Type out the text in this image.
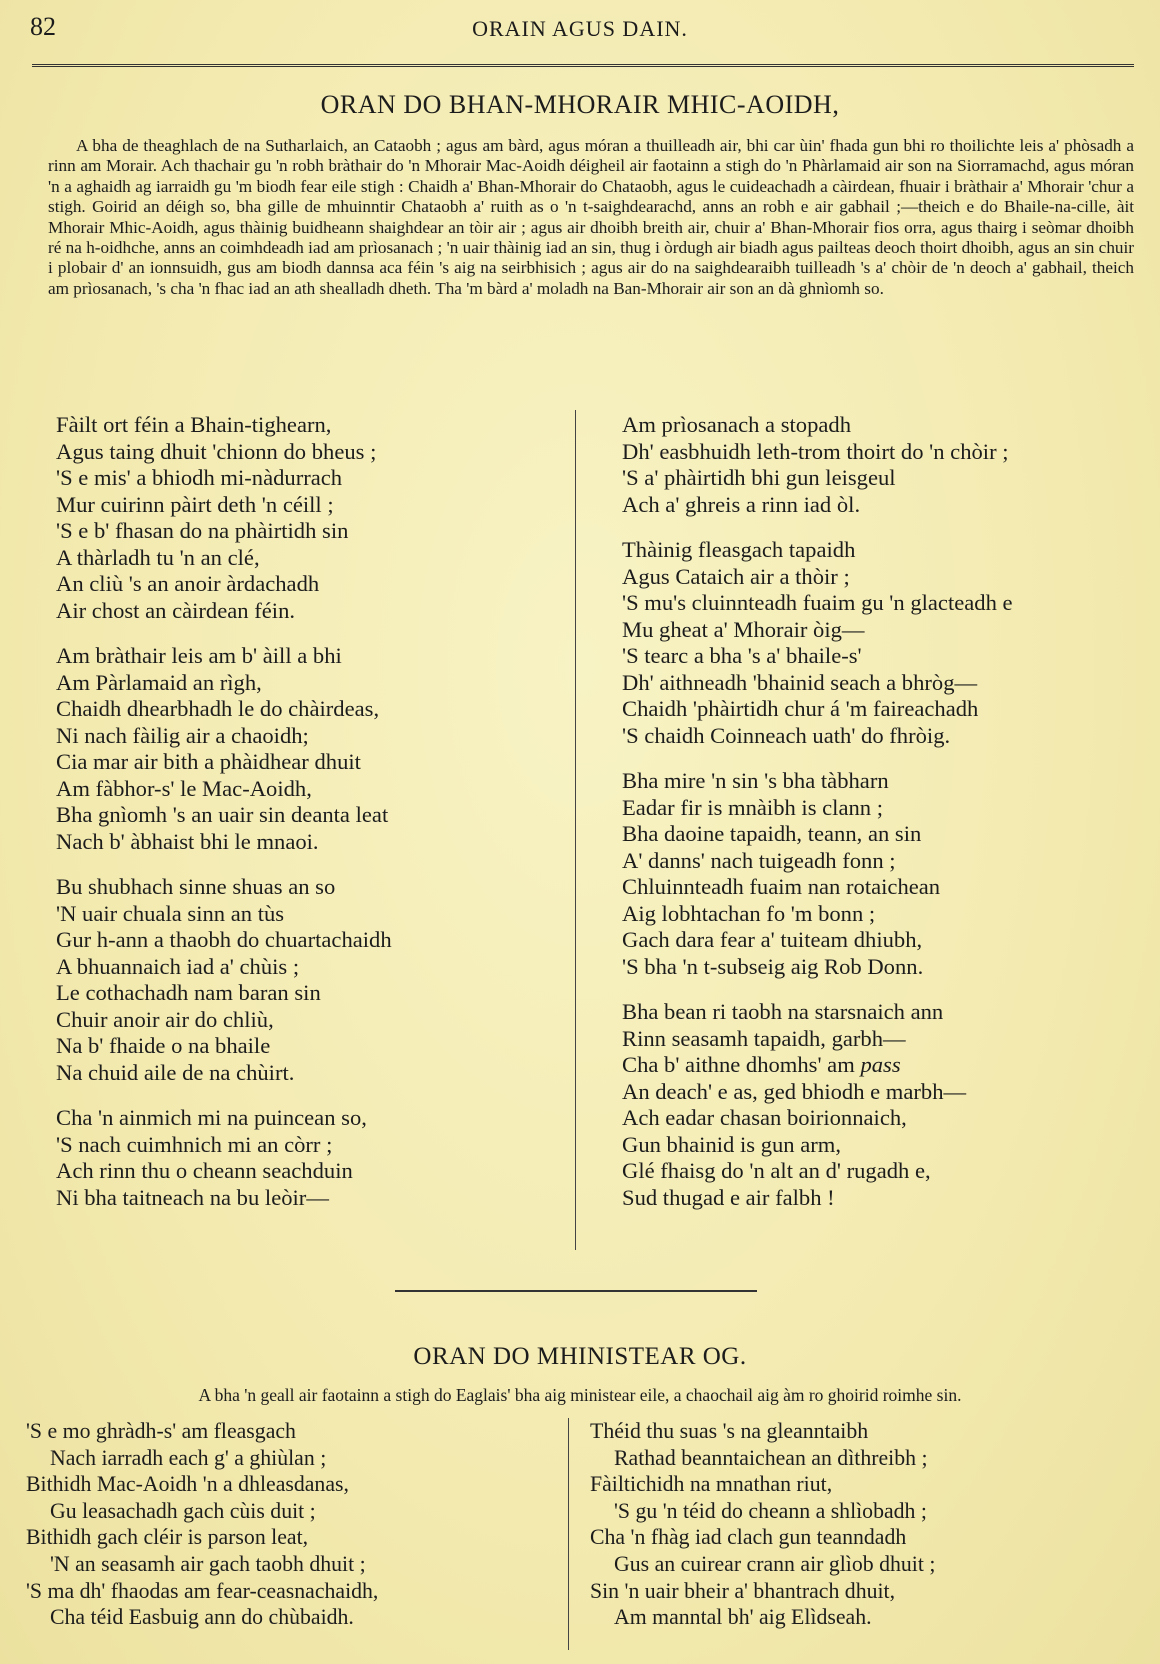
82	ORAIN AGUS DAIN.
ORAN DO BHAN-MHORAIR MHIC-AOIDH,
A bha de theaghlach de na Sutharlaich, an Cataobh ; agus am bàrd, agus móran a thuilleadh air, bhi car ùin' fhada gun bhi ro thoilichte leis a' phòsadh a rinn am Morair. Ach thachair gu 'n robh bràthair do 'n Mhorair Mac-Aoidh déigheil air faotainn a stigh do 'n Phàrlamaid air son na Siorramachd, agus móran 'n a aghaidh ag iarraidh gu 'm biodh fear eile stigh : Chaidh a' Bhan-Mhorair do Chataobh, agus le cuideachadh a càirdean, fhuair i bràthair a' Mhorair 'chur a stigh. Goirid an déigh so, bha gille de mhuinntir Chataobh a' ruith as o 'n t-saighdearachd, anns an robh e air gabhail ;—theich e do Bhaile-na-cille, àit Mhorair Mhic-Aoidh, agus thàinig buidheann shaighdear an tòir air ; agus air dhoibh breith air, chuir a' Bhan-Mhorair fios orra, agus thairg i seòmar dhoibh ré na h-oidhche, anns an coimhdeadh iad am prìosanach ; 'n uair thàinig iad an sin, thug i òrdugh air biadh agus pailteas deoch thoirt dhoibh, agus an sin chuir i plobair d' an ionnsuidh, gus am biodh dannsa aca féin 's aig na seirbhisich ; agus air do na saighdearaibh tuilleadh 's a' chòir de 'n deoch a' gabhail, theich am prìosanach, 's cha 'n fhac iad an ath shealladh dheth. Tha 'm bàrd a' moladh na Ban-Mhorair air son an dà ghnìomh so.
Fàilt ort féin a Bhain-tighearn,
Agus taing dhuit 'chionn do bheus ;
'S e mis' a bhiodh mi-nàdurrach
Mur cuirinn pàirt deth 'n céill ;
'S e b' fhasan do na phàirtidh sin
A thàrladh tu 'n an clé,
An cliù 's an anoir àrdachadh
Air chost an càirdean féin.
Am bràthair leis am b' àill a bhi
Am Pàrlamaid an rìgh,
Chaidh dhearbhadh le do chàirdeas,
Ni nach fàilig air a chaoidh;
Cia mar air bith a phàidhear dhuit
Am fàbhor-s' le Mac-Aoidh,
Bha gnìomh 's an uair sin deanta leat
Nach b' àbhaist bhi le mnaoi.
Bu shubhach sinne shuas an so
'N uair chuala sinn an tùs
Gur h-ann a thaobh do chuartachaidh
A bhuannaich iad a' chùis ;
Le cothachadh nam baran sin
Chuir anoir air do chliù,
Na b' fhaide o na bhaile
Na chuid aile de na chùirt.
Cha 'n ainmich mi na puincean so,
'S nach cuimhnich mi an còrr ;
Ach rinn thu o cheann seachduin
Ni bha taitneach na bu leòir—
Am prìosanach a stopadh
Dh' easbhuidh leth-trom thoirt do 'n chòir ;
'S a' phàirtidh bhi gun leisgeul
Ach a' ghreis a rinn iad òl.
Thàinig fleasgach tapaidh
Agus Cataich air a thòir ;
'S mu's cluinnteadh fuaim gu 'n glacteadh e
Mu gheat a' Mhorair òig—
'S tearc a bha 's a' bhaile-s'
Dh' aithneadh 'bhainid seach a bhròg—
Chaidh 'phàirtidh chur á 'm faireachadh
'S chaidh Coinneach uath' do fhròig.
Bha mire 'n sin 's bha tàbharn
Eadar fir is mnàibh is clann ;
Bha daoine tapaidh, teann, an sin
A' danns' nach tuigeadh fonn ;
Chluinnteadh fuaim nan rotaichean
Aig lobhtachan fo 'm bonn ;
Gach dara fear a' tuiteam dhiubh,
'S bha 'n t-subseig aig Rob Donn.
Bha bean ri taobh na starsnaich ann
Rinn seasamh tapaidh, garbh—
Cha b' aithne dhomhs' am pass
An deach' e as, ged bhiodh e marbh—
Ach eadar chasan boirionnaich,
Gun bhainid is gun arm,
Glé fhaisg do 'n alt an d' rugadh e,
Sud thugad e air falbh !
ORAN DO MHINISTEAR OG.
A bha 'n geall air faotainn a stigh do Eaglais' bha aig ministear eile, a chaochail aig àm ro ghoirid roimhe sin.
'S e mo ghràdh-s' am fleasgach
Nach iarradh each g' a ghiùlan ;
Bithidh Mac-Aoidh 'n a dhleasdanas,
Gu leasachadh gach cùis duit ;
Bithidh gach cléir is parson leat,
'N an seasamh air gach taobh dhuit ;
'S ma dh' fhaodas am fear-ceasnachaidh,
Cha téid Easbuig ann do chùbaidh.
Théid thu suas 's na gleanntaibh
Rathad beanntaichean an dìthreibh ;
Fàiltichidh na mnathan riut,
'S gu 'n téid do cheann a shlìobadh ;
Cha 'n fhàg iad clach gun teanndadh
Gus an cuirear crann air glìob dhuit ;
Sin 'n uair bheir a' bhantrach dhuit,
Am manntal bh' aig Elìdseah.
